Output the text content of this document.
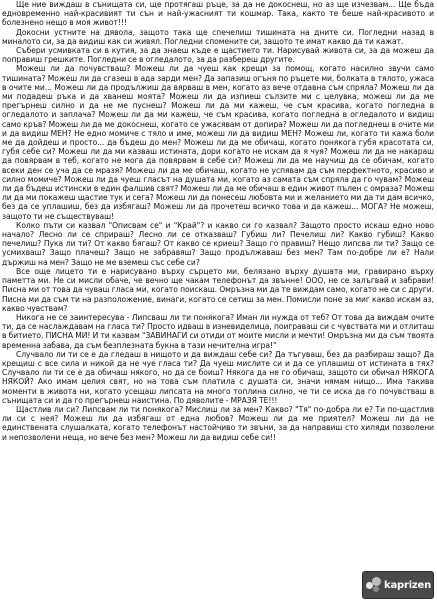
Ще ние виждаш в сънищата си, ще протягаш ръце, за да не докоснеш, но аз ще изчезвам... Ще бъда едновременно най-красивият ти сън и най-ужасният ти кошмар. Така, както те беше най-красивото и болезнено нещо в моя живот!!!

Докосни устните на дявола, защото така ще спечелиш тишината на дните си. Погледни назад в миналото си, за да видиш как си живял. Погледни спомените си, защото те имат какво да ти кажат.

Събери усмивката си в кутия, за да знаеш къде е щастието ти. Нарисувай живота си, за да можеш да поправиш грешките. Погледни се в огледалото, за да разбереш другите.

Можеш ли да почувстваш? Можеш ли да чуеш как крещи за помощ, когато насилно звучи само тишината? Можеш ли да сгазеш в ада зарди мен? Да запазиш огъня по ръцете ми, болката в тялото, ужаса в очите ми... Можеш ли да продължиш да вярваш в мен, когато аз вече отдавна съм спряла? Можеш ли да ми подадеш ръка и да хванеш моята? Можеш ли да изпиеш сълзите ми с целувка, можеш ли да ме прегърнеш силно и да не ме пуснеш? Можеш ли да ми кажеш, че съм красива, когато погледна в огледалото и заплача? Можеш ли да ми кажеш, че съм красива, когато погледна в огледалото и видиш само кръв? Можеш ли да ме докоснеш, когато се ужасявам от допира? Можеш ли да погледнеш в очите ми и да видиш МЕН? Не едно момиче с тяло и име, можеш ли да видиш МЕН? Можеш ли, когато ти кажа боли ме да дойдеш и просто... да бъдеш до мен? Можеш ли да ме обичаш, когато понякога губя красотата си, губя себе си? Можеш ли да ми казваш истината, дори когато не искам да я чуя? Можеш ли да не накараш да повярвам в теб, когато не мога да повярвам в себе си? Можеш ли да ме научиш да се обичам, когато всеки ден се уча да се мразя? Можеш ли да ме обичаш, когато не успявам да съм перфектното, красиво и силно момиче? Можеш ли да чуеш гласът на душата ми, когато аз самата съм спряла да го чувам? Можеш ли да бъдеш истински в един фалшив свят? Можеш ли да ме обичаш в един живот пълен с омраза? Можеш ли да ми покажеш щастие тук и сега? Можеш ли да понесеш любовта ми и желанието ми да ти дам всичко, без да се уплашиш, без да избягаш? Можеш ли да прочетеш всичко това и да кажеш... МОГА? Не можеш, защото ти не съществуваш!

Колко пъти си казвал "Описвам се" и "Край"? и какво си го казвал? Защото просто искаш едно ново начало? Лесно ли се сприраш? Лесно ли се отказваш? Губиш ли? Печелиш ли? Какво губиш? Какво печелиш? Пука ли ти? От какво бягаш? От какво се криеш? Защо го правиш? Нещо липсва ли ти? Защо се усмихваш? Защо плачеш? Защо не забравяш? Защо продължаваш без мен? Там по-добре ли е? Нали държиш на мен? Защо не ме вземеш със себе си?

Все още лицето ти е нарисувано върху сърцето ми, белязано върху душата ми, гравирано върху паметта ми. Не си мисли обаче, че вечно ще чакам телефонът да звънне! ООО, не се залъгвай и забрави! Писна ми от това да чуваш гласа ми, когато поискаш. Омръзна ми да те виждам само, когато не си с други. Писна ми да съм ти на разположение, винаги, когато се сетиш за мен. Помисли поне за миг какво искам аз, какво чувствам?

Никога не се заинтересува - Липсваш ли ти понякога? Иман ли нужда от теб? От това да виждам очите ти, да се наслаждавам на гласа ти? Просто идваш в изневиделица, поиграваш си с чувствата ми и отлиташ в битието. ПИСНА МИ! И ти казвам "ЗАВИНАГИ си отиди от моите мисли и мечти! Омръзна ми да съм твоята временна забава, да съм безплезната букна в тази нечителна игра!"

Случвало ли ти се е да гледаш в нищото и да виждаш себе си? Да тъгуваш, без да разбираш защо? Да крещиш с все сила и никой да не чуе гласа ти? Да чуеш мислите си и да се уплашиш от истината в тях? Случвало ли ти се е да обичаш някого, но да се боиш? Някога да не го обичаш, защото си обичал НЯКОГА НЯКОЙ? Ако имам целия свят, но на това съм платила с душата си, значи нямам нищо... Има такива моменти в живота ни, когато усещаш липсата на много топлина силно, че ти се иска да го почувстваш в сънищата си и да го прегърнеш наистина. По дяволите - МРАЗЯ ТЕ!!!

Щастлив ли си? Липсвам ли ти понякога? Мислиш ли за мен? Какво? "Тя" по-добра ли е? Ти по-щастлив ли си с нея? Можеш ли да избягаш от една любов? Можеш ли да ме приятел? Можеш ли да не единствената слушалката, когато телефонът настойчиво ти звъни, за да направиш сто хиляди позволени и непозволени неща, но вече без мен? Можеш ли да видиш себе си!!

kaprizen
